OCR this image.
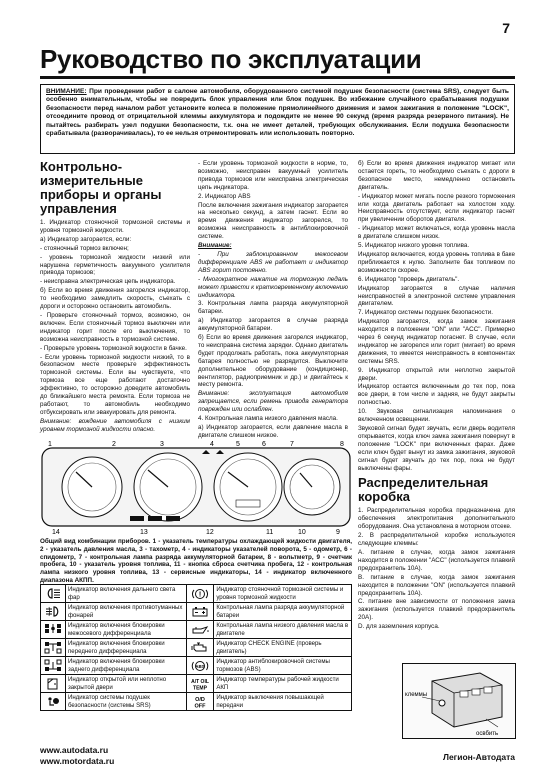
7
Руководство по эксплуатации
ВНИМАНИЕ: При проведении работ в салоне автомобиля, оборудованного системой подушек безопасности (система SRS), следует быть особенно внимательным, чтобы не повредить блок управления или блок подушек. Во избежание случайного срабатывания подушки безопасности перед началом работ установите колеса в положение прямолинейного движения и замок зажигания в положение "LOCK", отсоедините провод от отрицательной клеммы аккумулятора и подождите не менее 90 секунд (время разряда резервного питания). Не пытайтесь разбирать узел подушки безопасности, т.к. она не имеет деталей, требующих обслуживания. Если подушка безопасности срабатывала (разворачивалась), то ее нельзя отремонтировать или использовать повторно.
Контрольно-измерительные приборы и органы управления

1. Индикатор стояночной тормозной системы и уровня тормозной жидкости.

а) Индикатор загорается, если:

- стояночный тормоз включен;

- уровень тормозной жидкости низкий или нарушена герметичность вакуумного усилителя привода тормозов;

- неисправна электрическая цепь индикатора.

б) Если во время движения загорелся индикатор, то необходимо замедлить скорость, съехать с дороги и осторожно остановить автомобиль.

- Проверьте стояночный тормоз, возможно, он включен. Если стояночный тормоз выключен или индикатор горит после его выключения, то возможна неисправность в тормозной системе.

- Проверьте уровень тормозной жидкости в бачке.

- Если уровень тормозной жидкости низкий, то в безопасном месте проверьте эффективность тормозной системы. Если вы чувствуете, что тормоза все еще работают достаточно эффективно, то осторожно доведите автомобиль до ближайшего места ремонта. Если тормоза не работают, то автомобиль необходимо отбуксировать или эвакуировать для ремонта.

Внимание: вождение автомобиля с низким уровнем тормозной жидкости опасно.

- Если уровень тормозной жидкости в норме, то, возможно, неисправен вакуумный усилитель привода тормозов или неисправна электрическая цепь индикатора.

2. Индикатор ABS

После включения зажигания индикатор загорается на несколько секунд, а затем гаснет. Если во время движения индикатор загорелся, то возможна неисправность в антиблокировочной системе.

Внимание:

- При заблокированном межосевом дифференциале ABS не работает и индикатор ABS горит постоянно.

- Многократное нажатие на тормозную педаль может привести к кратковременному включению индикатора.

3. Контрольная лампа разряда аккумуляторной батареи.

а) Индикатор загорается в случае разряда аккумуляторной батареи.

б) Если во время движения загорелся индикатор, то неисправна система зарядки. Однако двигатель будет продолжать работать, пока аккумуляторная батарея полностью не разрядится. Выключите дополнительное оборудование (кондиционер, вентилятор, радиоприемник и др.) и двигайтесь к месту ремонта.

Внимание: эксплуатация автомобиля запрещается, если ремень привода генератора поврежден или ослаблен.

4. Контрольная лампа низкого давления масла.

а) Индикатор загорается, если давление масла в двигателе слишком низкое.

б) Если во время движения индикатор мигает или остается гореть, то необходимо съехать с дороги в безопасное место, немедленно остановить двигатель.

- Индикатор может мигать после резкого торможения или когда двигатель работает на холостом ходу. Неисправность отсутствует, если индикатор гаснет при увеличении оборотов двигателя.

- Индикатор может включаться, когда уровень масла в двигателе слишком низок.

5. Индикатор низкого уровня топлива.

Индикатор включается, когда уровень топлива в баке приближается к нулю. Заполните бак топливом по возможности скорее.

6. Индикатор "проверь двигатель".

Индикатор загорается в случае наличия неисправностей в электронной системе управления двигателем.

7. Индикатор системы подушек безопасности.

Индикатор загорается, когда замок зажигания находится в положении "ON" или "ACC". Примерно через 6 секунд индикатор погаснет. В случае, если индикатор не загорелся или горит (мигает) во время движения, то имеется неисправность в компонентах системы SRS.

9. Индикатор открытой или неплотно закрытой двери.

Индикатор остается включенным до тех пор, пока все двери, в том числе и задняя, не будут закрыты полностью.

10. Звуковая сигнализация напоминания о включенном освещении.

Звуковой сигнал будет звучать, если дверь водителя открывается, когда ключ замка зажигания повернут в положение "LOCK" при включенных фарах. Даже если ключ будет вынут из замка зажигания, звуковой сигнал будет звучать до тех пор, пока не будут выключены фары.

Распределительная коробка

1. Распределительная коробка предназначена для обеспечения электропитания дополнительного оборудования. Она установлена в моторном отсеке.

2. В распределительной коробке используются следующие клеммы:

А. питание в случае, когда замок зажигания находится в положении "АСС" (используется плавкий предохранитель 10А).

В. питание в случае, когда замок зажигания находится в положении "ON" (используется плавкий предохранитель 10А).

С. питание вне зависимости от положения замка зажигания (используется плавкий предохранитель 20А).

D. для заземления корпуса.

1	2	3	4	5	6	7	8
9
10
11
12
13
14
Общий вид комбинации приборов. 1 - указатель температуры охлаждающей жидкости двигателя, 2 - указатель давления масла, 3 - тахометр, 4 - индикаторы указателей поворота, 5 - одометр, 6 - спидометр, 7 - контрольная лампа разряда аккумуляторной батареи, 8 - вольтметр, 9 - счетчик пробега, 10 - указатель уровня топлива, 11 - кнопка сброса счетчика пробега, 12 - контрольная лампа низкого уровня топлива, 13 - сервисные индикаторы, 14 - индикатор включенного диапазона АКПП.
	Индикатор включения дальнего света фар	!	Индикатор стояночной тормозной системы и уровня тормозной жидкости

	Индикатор включения противотуманных фонарей		Контрольная лампа разряда аккумуляторной батареи

	Индикатор включения блокировки межосевого дифференциала		Контрольная лампа низкого давления масла в двигателе

	Индикатор включения блокировки переднего дифференциала		Индикатор CHECK ENGINE (проверь двигатель)

	Индикатор включения блокировки заднего дифференциала	ABS	Индикатор антиблокировочной системы тормозов (ABS)

	Индикатор открытой или неплотно закрытой двери	A/T OIL
TEMP	Индикатор температуры рабочей жидкости АКП

	Индикатор системы подушек безопасности (системы SRS)	O/D
OFF	Индикатор выключения повышающей передачи
клеммы
освбить
www.autodata.ru
www.motordata.ru	Легион-Автодата
